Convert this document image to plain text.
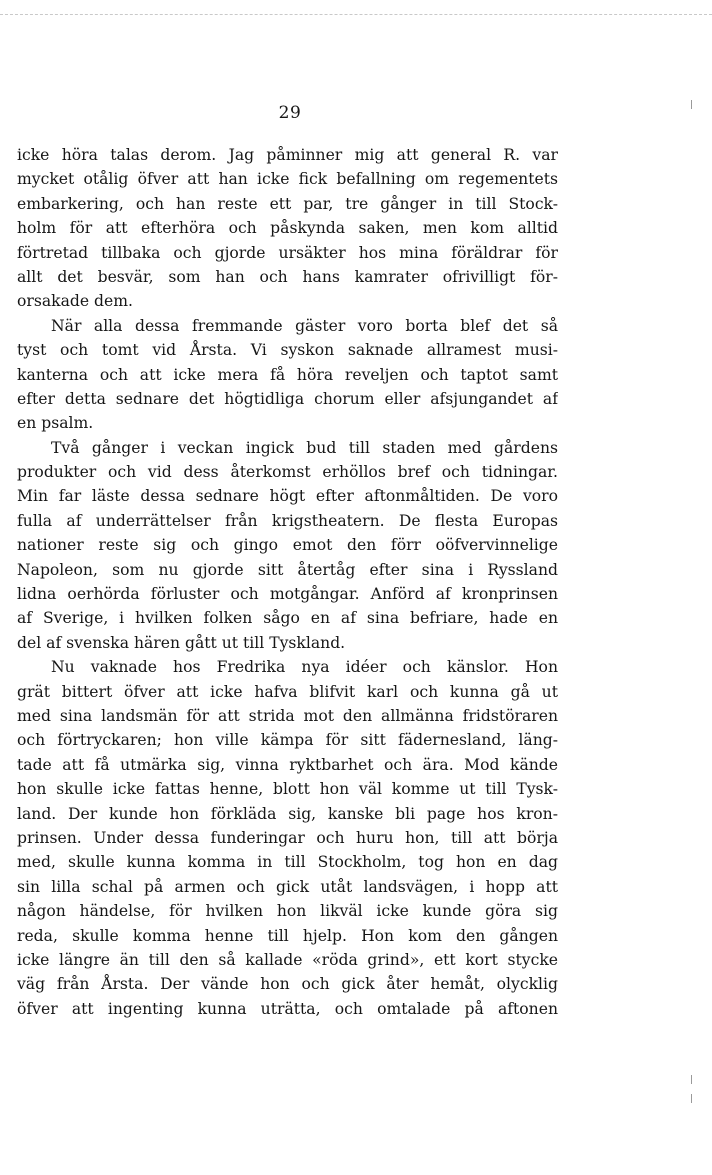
29
icke höra talas derom. Jag påminner mig att general R. var
mycket otålig öfver att han icke fick befallning om regementets
embarkering, och han reste ett par, tre gånger in till Stock-
holm för att efterhöra och påskynda saken, men kom alltid
förtretad tillbaka och gjorde ursäkter hos mina föräldrar för
allt det besvär, som han och hans kamrater ofrivilligt för-
orsakade dem.
När alla dessa fremmande gäster voro borta blef det så
tyst och tomt vid Årsta. Vi syskon saknade allramest musi-
kanterna och att icke mera få höra reveljen och taptot samt
efter detta sednare det högtidliga chorum eller afsjungandet af
en psalm.
Två gånger i veckan ingick bud till staden med gårdens
produkter och vid dess återkomst erhöllos bref och tidningar.
Min far läste dessa sednare högt efter aftonmåltiden. De voro
fulla af underrättelser från krigstheatern. De flesta Europas
nationer reste sig och gingo emot den förr oöfvervinnelige
Napoleon, som nu gjorde sitt återtåg efter sina i Ryssland
lidna oerhörda förluster och motgångar. Anförd af kronprinsen
af Sverige, i hvilken folken sågo en af sina befriare, hade en
del af svenska hären gått ut till Tyskland.
Nu vaknade hos Fredrika nya idéer och känslor. Hon
grät bittert öfver att icke hafva blifvit karl och kunna gå ut
med sina landsmän för att strida mot den allmänna fridstöraren
och förtryckaren; hon ville kämpa för sitt fädernesland, läng-
tade att få utmärka sig, vinna ryktbarhet och ära. Mod kände
hon skulle icke fattas henne, blott hon väl komme ut till Tysk-
land. Der kunde hon förkläda sig, kanske bli page hos kron-
prinsen. Under dessa funderingar och huru hon, till att börja
med, skulle kunna komma in till Stockholm, tog hon en dag
sin lilla schal på armen och gick utåt landsvägen, i hopp att
någon händelse, för hvilken hon likväl icke kunde göra sig
reda, skulle komma henne till hjelp. Hon kom den gången
icke längre än till den så kallade «röda grind», ett kort stycke
väg från Årsta. Der vände hon och gick åter hemåt, olycklig
öfver att ingenting kunna uträtta, och omtalade på aftonen
